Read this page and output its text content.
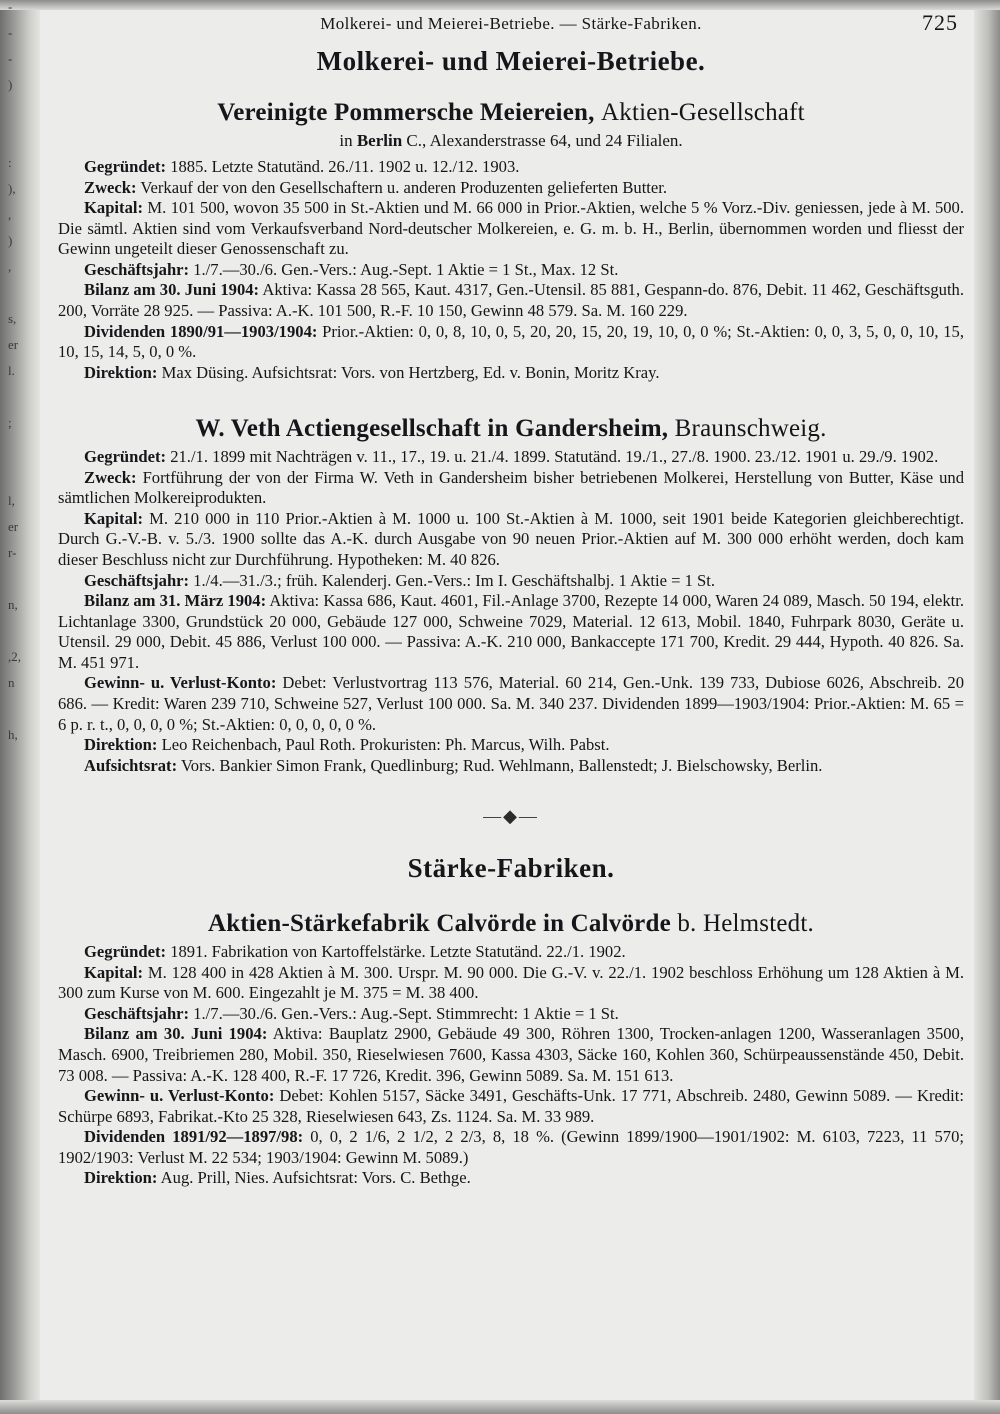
-
-
-
)
:
),
,
)
,
s,
er
l.
;
l,
er
r-
n,
,2,
n
h,
Molkerei- und Meierei-Betriebe. — Stärke-Fabriken.	725
Molkerei- und Meierei-Betriebe.
Vereinigte Pommersche Meiereien, Aktien-Gesellschaft
in Berlin C., Alexanderstrasse 64, und 24 Filialen.

Gegründet: 1885. Letzte Statutänd. 26./11. 1902 u. 12./12. 1903.

Zweck: Verkauf der von den Gesellschaftern u. anderen Produzenten gelieferten Butter.

Kapital: M. 101 500, wovon 35 500 in St.-Aktien und M. 66 000 in Prior.-Aktien, welche 5 % Vorz.-Div. geniessen, jede à M. 500. Die sämtl. Aktien sind vom Verkaufsverband Nord-deutscher Molkereien, e. G. m. b. H., Berlin, übernommen worden und fliesst der Gewinn ungeteilt dieser Genossenschaft zu.

Geschäftsjahr: 1./7.—30./6. Gen.-Vers.: Aug.-Sept. 1 Aktie = 1 St., Max. 12 St.

Bilanz am 30. Juni 1904: Aktiva: Kassa 28 565, Kaut. 4317, Gen.-Utensil. 85 881, Gespann-do. 876, Debit. 11 462, Geschäftsguth. 200, Vorräte 28 925. — Passiva: A.-K. 101 500, R.-F. 10 150, Gewinn 48 579. Sa. M. 160 229.

Dividenden 1890/91—1903/1904: Prior.-Aktien: 0, 0, 8, 10, 0, 5, 20, 20, 15, 20, 19, 10, 0, 0 %; St.-Aktien: 0, 0, 3, 5, 0, 0, 10, 15, 10, 15, 14, 5, 0, 0 %.

Direktion: Max Düsing. Aufsichtsrat: Vors. von Hertzberg, Ed. v. Bonin, Moritz Kray.

W. Veth Actiengesellschaft in Gandersheim, Braunschweig.

Gegründet: 21./1. 1899 mit Nachträgen v. 11., 17., 19. u. 21./4. 1899. Statutänd. 19./1., 27./8. 1900. 23./12. 1901 u. 29./9. 1902.

Zweck: Fortführung der von der Firma W. Veth in Gandersheim bisher betriebenen Molkerei, Herstellung von Butter, Käse und sämtlichen Molkereiprodukten.

Kapital: M. 210 000 in 110 Prior.-Aktien à M. 1000 u. 100 St.-Aktien à M. 1000, seit 1901 beide Kategorien gleichberechtigt. Durch G.-V.-B. v. 5./3. 1900 sollte das A.-K. durch Ausgabe von 90 neuen Prior.-Aktien auf M. 300 000 erhöht werden, doch kam dieser Beschluss nicht zur Durchführung. Hypotheken: M. 40 826.

Geschäftsjahr: 1./4.—31./3.; früh. Kalenderj. Gen.-Vers.: Im I. Geschäftshalbj. 1 Aktie = 1 St.

Bilanz am 31. März 1904: Aktiva: Kassa 686, Kaut. 4601, Fil.-Anlage 3700, Rezepte 14 000, Waren 24 089, Masch. 50 194, elektr. Lichtanlage 3300, Grundstück 20 000, Gebäude 127 000, Schweine 7029, Material. 12 613, Mobil. 1840, Fuhrpark 8030, Geräte u. Utensil. 29 000, Debit. 45 886, Verlust 100 000. — Passiva: A.-K. 210 000, Bankaccepte 171 700, Kredit. 29 444, Hypoth. 40 826. Sa. M. 451 971.

Gewinn- u. Verlust-Konto: Debet: Verlustvortrag 113 576, Material. 60 214, Gen.-Unk. 139 733, Dubiose 6026, Abschreib. 20 686. — Kredit: Waren 239 710, Schweine 527, Verlust 100 000. Sa. M. 340 237. Dividenden 1899—1903/1904: Prior.-Aktien: M. 65 = 6 p. r. t., 0, 0, 0, 0 %; St.-Aktien: 0, 0, 0, 0, 0 %.

Direktion: Leo Reichenbach, Paul Roth. Prokuristen: Ph. Marcus, Wilh. Pabst.

Aufsichtsrat: Vors. Bankier Simon Frank, Quedlinburg; Rud. Wehlmann, Ballenstedt; J. Bielschowsky, Berlin.

—◆—
Stärke-Fabriken.
Aktien-Stärkefabrik Calvörde in Calvörde b. Helmstedt.

Gegründet: 1891. Fabrikation von Kartoffelstärke. Letzte Statutänd. 22./1. 1902.

Kapital: M. 128 400 in 428 Aktien à M. 300. Urspr. M. 90 000. Die G.-V. v. 22./1. 1902 beschloss Erhöhung um 128 Aktien à M. 300 zum Kurse von M. 600. Eingezahlt je M. 375 = M. 38 400.

Geschäftsjahr: 1./7.—30./6. Gen.-Vers.: Aug.-Sept. Stimmrecht: 1 Aktie = 1 St.

Bilanz am 30. Juni 1904: Aktiva: Bauplatz 2900, Gebäude 49 300, Röhren 1300, Trocken-anlagen 1200, Wasseranlagen 3500, Masch. 6900, Treibriemen 280, Mobil. 350, Rieselwiesen 7600, Kassa 4303, Säcke 160, Kohlen 360, Schürpeaussenstände 450, Debit. 73 008. — Passiva: A.-K. 128 400, R.-F. 17 726, Kredit. 396, Gewinn 5089. Sa. M. 151 613.

Gewinn- u. Verlust-Konto: Debet: Kohlen 5157, Säcke 3491, Geschäfts-Unk. 17 771, Abschreib. 2480, Gewinn 5089. — Kredit: Schürpe 6893, Fabrikat.-Kto 25 328, Rieselwiesen 643, Zs. 1124. Sa. M. 33 989.

Dividenden 1891/92—1897/98: 0, 0, 2 1/6, 2 1/2, 2 2/3, 8, 18 %. (Gewinn 1899/1900—1901/1902: M. 6103, 7223, 11 570; 1902/1903: Verlust M. 22 534; 1903/1904: Gewinn M. 5089.)

Direktion: Aug. Prill, Nies. Aufsichtsrat: Vors. C. Bethge.
